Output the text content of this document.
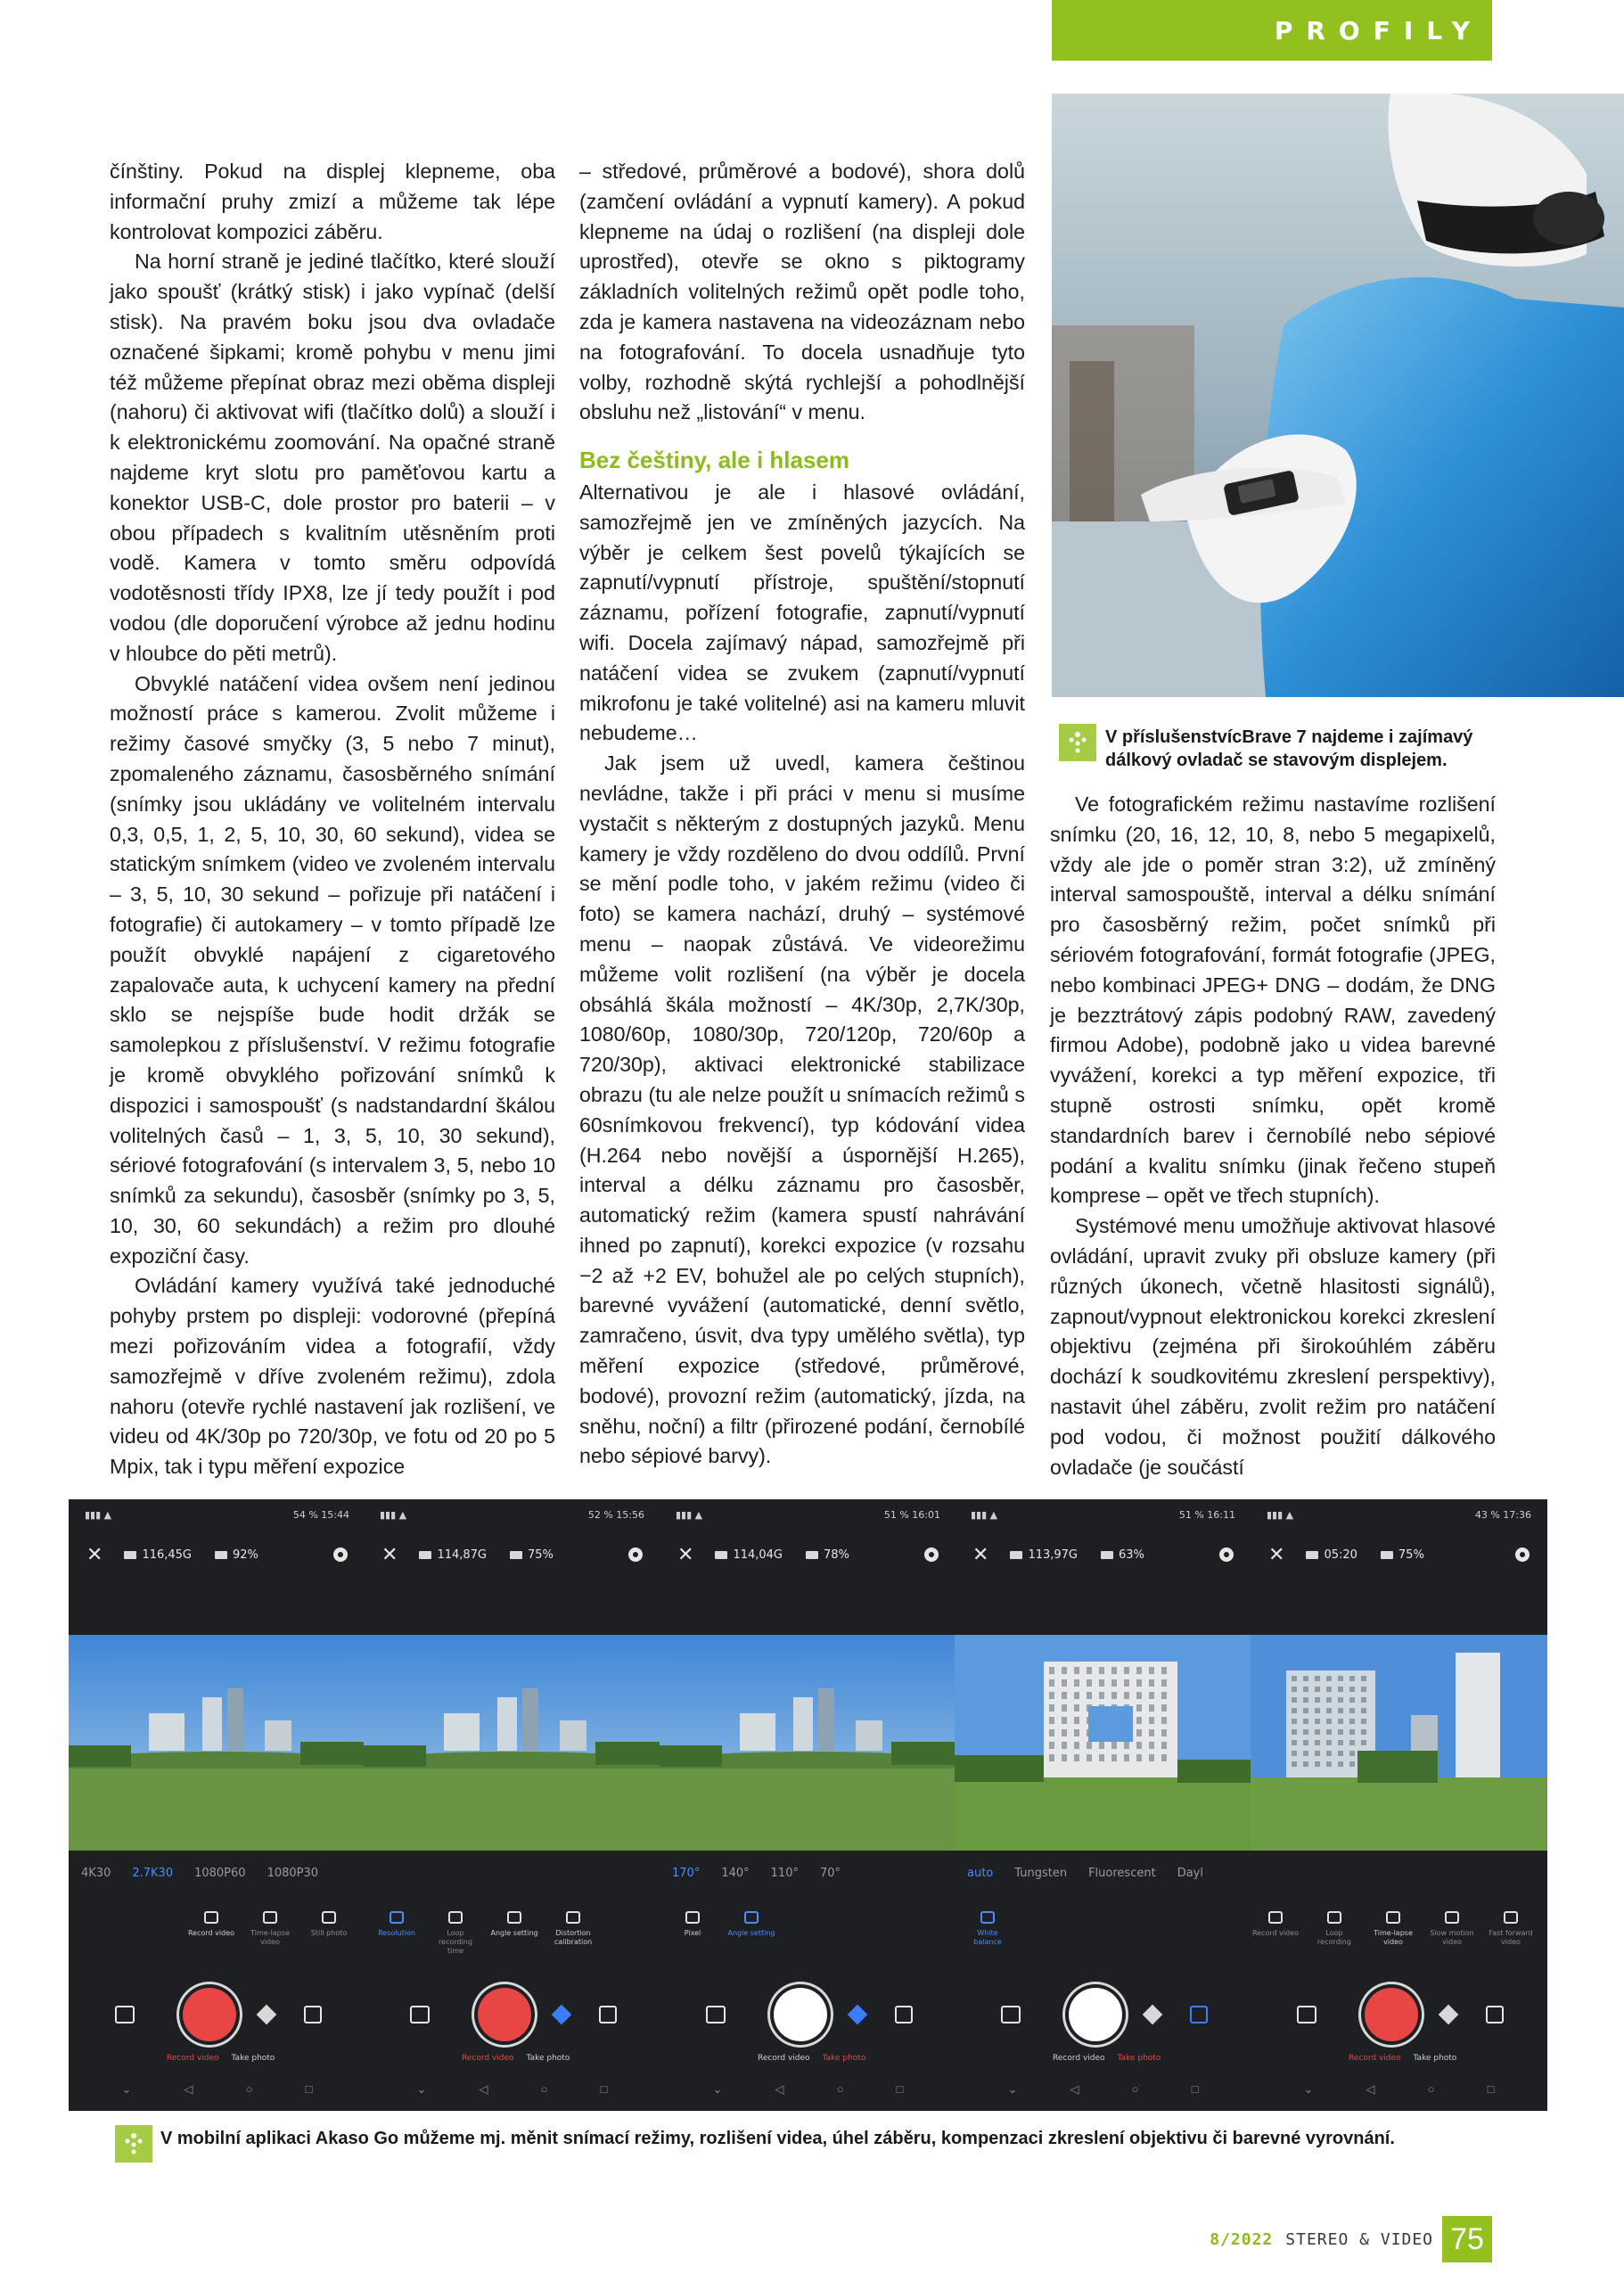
PROFILY

čínštiny. Pokud na displej klepneme, oba informační pruhy zmizí a můžeme tak lépe kontrolovat kompozici záběru.

Na horní straně je jediné tlačítko, které slouží jako spoušť (krátký stisk) i jako vypínač (delší stisk). Na pravém boku jsou dva ovladače označené šipkami; kromě pohybu v menu jimi též můžeme přepínat obraz mezi oběma displeji (nahoru) či aktivovat wifi (tlačítko dolů) a slouží i k elektronickému zoomování. Na opačné straně najdeme kryt slotu pro paměťovou kartu a konektor USB-C, dole prostor pro baterii – v obou případech s kvalitním utěsněním proti vodě. Kamera v tomto směru odpovídá vodotěsnosti třídy IPX8, lze jí tedy použít i pod vodou (dle doporučení výrobce až jednu hodinu v hloubce do pěti metrů).

Obvyklé natáčení videa ovšem není jedinou možností práce s kamerou. Zvolit můžeme i režimy časové smyčky (3, 5 nebo 7 minut), zpomaleného záznamu, časosběrného snímání (snímky jsou ukládány ve volitelném intervalu 0,3, 0,5, 1, 2, 5, 10, 30, 60 sekund), videa se statickým snímkem (video ve zvoleném intervalu – 3, 5, 10, 30 sekund – pořizuje při natáčení i fotografie) či autokamery – v tomto případě lze použít obvyklé napájení z cigaretového zapalovače auta, k uchycení kamery na přední sklo se nejspíše bude hodit držák se samolepkou z příslušenství. V režimu fotografie je kromě obvyklého pořizování snímků k dispozici i samospoušť (s nadstandardní škálou volitelných časů – 1, 3, 5, 10, 30 sekund), sériové fotografování (s intervalem 3, 5, nebo 10 snímků za sekundu), časosběr (snímky po 3, 5, 10, 30, 60 sekundách) a režim pro dlouhé expoziční časy.

Ovládání kamery využívá také jednoduché pohyby prstem po displeji: vodorovné (přepíná mezi pořizováním videa a fotografií, vždy samozřejmě v dříve zvoleném režimu), zdola nahoru (otevře rychlé nastavení jak rozlišení, ve videu od 4K/30p po 720/30p, ve fotu od 20 po 5 Mpix, tak i typu měření expozice

– středové, průměrové a bodové), shora dolů (zamčení ovládání a vypnutí kamery). A pokud klepneme na údaj o rozlišení (na displeji dole uprostřed), otevře se okno s piktogramy základních volitelných režimů opět podle toho, zda je kamera nastavena na videozáznam nebo na fotografování. To docela usnadňuje tyto volby, rozhodně skýtá rychlejší a pohodlnější obsluhu než „listování“ v menu.

Bez češtiny, ale i hlasem

Alternativou je ale i hlasové ovládání, samozřejmě jen ve zmíněných jazycích. Na výběr je celkem šest povelů týkajících se zapnutí/vypnutí přístroje, spuštění/stopnutí záznamu, pořízení fotografie, zapnutí/vypnutí wifi. Docela zajímavý nápad, samozřejmě při natáčení videa se zvukem (zapnutí/vypnutí mikrofonu je také volitelné) asi na kameru mluvit nebudeme…

Jak jsem už uvedl, kamera češtinou nevládne, takže i při práci v menu si musíme vystačit s některým z dostupných jazyků. Menu kamery je vždy rozděleno do dvou oddílů. První se mění podle toho, v jakém režimu (video či foto) se kamera nachází, druhý – systémové menu – naopak zůstává. Ve videorežimu můžeme volit rozlišení (na výběr je docela obsáhlá škála možností – 4K/30p, 2,7K/30p, 1080/60p, 1080/30p, 720/120p, 720/60p a 720/30p), aktivaci elektronické stabilizace obrazu (tu ale nelze použít u snímacích režimů s 60snímkovou frekvencí), typ kódování videa (H.264 nebo novější a úspornější H.265), interval a délku záznamu pro časosběr, automatický režim (kamera spustí nahrávání ihned po zapnutí), korekci expozice (v rozsahu −2 až +2 EV, bohužel ale po celých stupních), barevné vyvážení (automatické, denní světlo, zamračeno, úsvit, dva typy umělého světla), typ měření expozice (středové, průměrové, bodové), provozní režim (automatický, jízda, na sněhu, noční) a filtr (přirozené podání, černobílé nebo sépiové barvy).

V příslušenstvícBrave 7 najdeme i zajímavý
dálkový ovladač se stavovým displejem.

Ve fotografickém režimu nastavíme rozlišení snímku (20, 16, 12, 10, 8, nebo 5 megapixelů, vždy ale jde o poměr stran 3:2), už zmíněný interval samospouště, interval a délku snímání pro časosběrný režim, počet snímků při sériovém fotografování, formát fotografie (JPEG, nebo kombinaci JPEG+ DNG – dodám, že DNG je bezztrátový zápis podobný RAW, zavedený firmou Adobe), podobně jako u videa barevné vyvážení, korekci a typ měření expozice, tři stupně ostrosti snímku, opět kromě standardních barev i černobílé nebo sépiové podání a kvalitu snímku (jinak řečeno stupeň komprese – opět ve třech stupních).

Systémové menu umožňuje aktivovat hlasové ovládání, upravit zvuky při obsluze kamery (při různých úkonech, včetně hlasitosti signálů), zapnout/vypnout elektronickou korekci zkreslení objektivu (zejména při širokoúhlém záběru dochází k soudkovitému zkreslení perspektivy), nastavit úhel záběru, zvolit režim pro natáčení pod vodou, či možnost použití dálkového ovladače (je součástí

▮▮▮ ▲	54 % 15:44
✕	116,45G	92%
4K30 2.7K30 1080P60 1080P30
Record video	Time-lapse video
Still photo
Record video Take photo
⌄	◁	○	□
▮▮▮ ▲	52 % 15:56
✕	114,87G	75%
Resolution	Loop recording time
Angle setting	Distortion calibration
Record video Take photo
⌄	◁	○	□
▮▮▮ ▲	51 % 16:01
✕	114,04G	78%
170° 140° 110° 70°
Pixel	Angle setting
Record video Take photo
⌄	◁	○	□
▮▮▮ ▲	51 % 16:11
✕	113,97G	63%
auto Tungsten Fluorescent Dayl
White balance
Record video Take photo
⌄	◁	○	□
▮▮▮ ▲	43 % 17:36
✕	05:20	75%
Record video	Loop recording
Time-lapse video
Slow motion video
Fast forward video
Record video Take photo
⌄	◁	○	□
V mobilní aplikaci Akaso Go můžeme mj. měnit snímací režimy, rozlišení videa, úhel záběru, kompenzaci zkreslení objektivu či barevné vyrovnání.
8/2022 STEREO & VIDEO 75
